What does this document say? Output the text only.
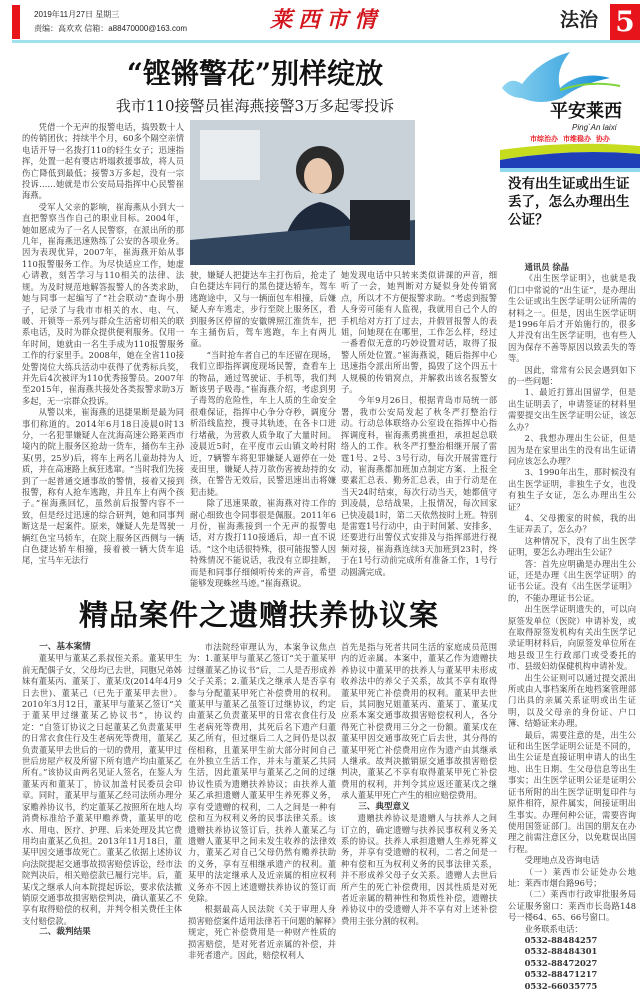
2019年11月27日 星期三
责编：高欢欢 信箱：a88470000@163.com	莱西市情	法治 5
“铿锵警花”别样绽放
我市110接警员崔海燕接警3万多起零投诉	平安莱西
Ping`An laixi
市综治办 市维稳办 协办

凭借一个无声的报警电话，捣毁数十人的传销团伙；持续半个月，60多个隔空亲情电话开导一名拨打110的轻生女子；迅速指挥，处置一起有婴店坍塌救援事故，将人员伤亡降低到最低；接警3万多起，没有一宗投诉……她就是市公安局局指挥中心民警崔海燕。

受军人父亲的影响，崔海燕从小到大一直把警察当作自己的职业目标。2004年，她如愿成为了一名人民警察，在派出所的那几年，崔海燕迅速熟练了公安的各项业务。因为表现优异，2007年，崔海燕开始从事110报警服务工作。为尽快适应工作，她虚心请教，刻苦学习与110相关的法律、法规。为及时规范地解答报警人的各类求助，她与同事一起编写了“社会联动”查询小册子，记录了与我市市相关的水、电、气、暖、开锁等一系列与群众生活密切相关的联系电话，及时为群众提供便利服务。仅用一年时间，她就由一名生手成为110报警服务工作的行家里手。2008年，她在全省110接处警岗位大练兵活动中获得了优秀标兵奖，并先后4次被评为110优秀接警员。2007年至2015年，崔海燕共接处各类报警求助3万多起，无一宗群众投诉。

从警以来，崔海燕的迅捷果断是最为同事们称道的。2014年6月18日凌晨0时13分，一名犯罪嫌疑人在沈海高速公路莱西市境内的院上服务区抢劫一货车，捅伤车主孙某(男，25岁)后，将车上两名儿童劫持为人质，并在高速路上疯狂逃窜。“当时我们先接到了一起普通交通事故的警情，接着又接到报警，称有人抢车逃跑，并且车上有两个孩子。”崔海燕回忆，虽然前后报警内容不一致，但是经过迅速的综合研判，她和同事判断这是一起案件。原来，嫌疑人先是驾驶一辆红色宝马轿车，在院上服务区西侧与一辆白色捷达轿车相撞，接着被一辆大货车追尾，宝马车无法行

驶，嫌疑人把捷达车主打伤后，抢走了白色捷达车同行的黑色捷达轿车，驾车逃跑途中，又与一辆面包车相撞，后嫌疑人弃车逃走，步行至院上服务区，看到服务区停留的安徽牌照江淮货车，把车主捅伤后，驾车逃跑，车上有两儿童。

“当时抢车者自己的车还留在现场，我们立即指挥调度现场民警，查看车上的物品，通过驾驶证、手机等，我们判断该男子吸毒。”崔海燕介绍，考虑到男子毒驾的危险性，车上人质的生命安全很难保证，指挥中心争分夺秒，调度分析沿线监控，搜寻其轨迹，在各卡口进行堵截，为营救人质争取了大量时间。凌晨近5时，在平度市云山镇文岭村附近，7辆警车将犯罪嫌疑人逼停在一处麦田里，嫌疑人持刀欲伤害被劫持的女孩，在警告无效后，民警迅速出击将嫌犯击毙。

除了迅速果敢，崔海燕对待工作的耐心细致也令同事很是佩服。2011年6月份，崔海燕接到一个无声的报警电话，对方拨打110接通后，却一直不说话。“这个电话很特殊，很可能报警人因特殊情况不能说话，我没有立即挂断，而是和同事仔细倾听传来的声音，希望能够发现蛛丝马迹。”崔海燕说。

她发现电话中只转来类似讲课的声音，细听了一会，她判断对方疑似身处传销窝点，所以才不方便报警求助。“考虑到报警人身旁可能有人监视，我就用自己个人的手机给对方打了过去，并假冒报警人的表姐，问她现在在哪里，工作怎么样，经过一番看似无意的巧妙设置对话，取得了报警人所处位置。”崔海燕说，随后指挥中心迅速指令派出所出警，捣毁了这个四五十人规模的传销窝点，并解救出该名报警女子。

今年9月26日，根据青岛市局统一部署，我市公安局发起了秋冬严打整治行动。行动总体联络办公室设在指挥中心指挥调度科，崔海燕勇挑重担，承担起总联络人的工作。秋冬严打整治相继开展了雷霆1号、2号、3号行动，每次开展雷霆行动，崔海燕都加班加点制定方案、上报全要素汇总表、勤务汇总表，由于行动是在当天24时结束，每次行动当天，她都值守到凌晨，总结战果，上报情况，每次回家已快凌晨1时，第二天依然按时上班。特别是雷霆1号行动中，由于时间紧、安排多，还要进行出警仪式安排及与指挥部进行视频对接，崔海燕连续3天加班到23时，终于在1号行动前完成所有准备工作，1号行动圆满完成。

没有出生证或出生证丢了，怎么办理出生公证？

通讯员 徐晶

《出生医学证明》，也就是我们口中常说的“出生证”，是办理出生公证或出生医学证明公证所需的材料之一。但是，因出生医学证明是1996年后才开始施行的，很多人并没有出生医学证明，也有些人因为保存不善等原因以致丢失的等等。

因此，常常有公民会遇到如下的一些问题：

1、最近打算出国留学，但是出生证明丢了，申请签证的材料里需要提交出生医学证明公证，该怎么办？

2、我想办理出生公证，但是因为是在家里出生的没有出生证请问应该怎么办理？

3、1990年出生，那时候没有出生医学证明，非独生子女，也没有独生子女证，怎么办理出生公证？

4、父母搬家的时候，我的出生证弄丢了，怎么办？

这种情况下，没有了出生医学证明，要怎么办理出生公证？

答：首先应明确是办理出生公证，还是办理《出生医学证明》的证书公证。没有《出生医学证明》的，不能办理证书公证。

出生医学证明遗失的，可以向原签发单位（医院）申请补发，或在取得原签发机构有关出生医学记录证明材料后，向原签发单位所在地县级卫生行政部门或受委托的市、县级妇幼保健机构申请补发。

出生公证则可以通过提交派出所或由人事档案所在地档案管理部门出具的亲属关系证明或出生证明，以及父母亲的身份证、户口簿、结婚证来办理。

最后，需要注意的是，出生公证和出生医学证明公证是不同的，出生公证是直接证明申请人的出生地、出生日期、生父母信息等出生事实；出生医学证明公证是证明公证书所附的出生医学证明复印件与原件相符，原件属实，间接证明出生事实。办理何种公证，需要咨询使用国签证部门。出国的朋友在办理之前需注意区分，以免耽误出国行程。

受理地点及咨询电话

（一）莱西市公证处办公地址：莱西市烟台路96号；

（二）莱西市行政审批服务局公证服务窗口：莱西市长岛路148号一楼64、65、66号窗口。

业务联系电话：

0532-88484257
0532-88484301
0532-88472027
0532-88471217
0532-66035775
精品案件之遗赠扶养协议案
一、基本案情

董某甲与董某乙系叔侄关系。董某甲生前无配偶子女，父母均已去世，同胞兄弟姊妹有董某丙、董某丁、董某戊(2014年4月9日去世)、董某己（已先于董某甲去世）。2010年3月12日，董某甲与董某乙签订“关于董某甲过继董某乙协议书”，协议约定：“自签订协议之日起董某乙负责董某甲的日常衣食住行及生老病死等费用，董某乙负责董某甲去世后的一切的费用，董某甲过世后房屋产权及所留下所有遗产均由董某乙所有。”该协议由两名见证人签名，在鉴人为董某丙和董某丁，协议加盖村民委员会印章。同时，董某甲与董某乙经司法所办理分家赡养协议书，约定董某乙按照所在地人均消费标准给予董某甲赡养费，董某甲的吃水、用电、医疗、护理、后来处理及其它费用均由董某乙负担。2013年11月18日，董某甲因交通事故死亡。董某乙依据上述协议向法院提起交通事故损害赔偿诉讼，经市法院判决后，相关赔偿款已履行完毕。后，董某戊之继承人向本院提起诉讼，要求依法撤销原交通事故损害赔偿判决，确认董某乙不享有取得赔偿的权利，并判令相关费任主体支付赔偿款。

二、裁判结果

市法院经审理认为，本案争议焦点为：1.董某甲与董某乙签订“关于董某甲过继董某乙协议书”后，二人是否形成养父子关系；2.董某戊之继承人是否享有参与分配董某甲死亡补偿费用的权利。董某甲与董某乙虽签订过继协议，约定由董某乙负责董某甲的日常衣食住行及生老病死等费用，其死后名下遗产归董某乙所有，但过继后二人之间仍是以叔侄相称，且董某甲生前大部分时间自己在外独立生活工作，并未与董某乙共同生活，因此董某甲与董某乙之间的过继协议性质为遗赠扶养协议；由扶养人董某乙承担遗赠人董某甲生养死葬义务，享有受遗赠的权利，二人之间是一种有偿和互为权利义务的民事法律关系。该遗赠扶养协议签订后，扶养人董某乙与遗赠人董某甲之间未发生收养的法律效力，董某乙对自己父母仍然有赡养扶助的义务，享有互相继承遗产的权利。董某甲的法定继承人及近亲属的相应权利义务亦不因上述遗赠扶养协议的签订而免除。

根据最高人民法院《关于审理人身损害赔偿案件适用法律若干问题的解释》规定，死亡补偿费用是一种财产性质的损害赔偿，是对死者近亲属的补偿，并非死者遗产。因此，赔偿权利人

首先是指与死者共同生活的家庭成员范围内的近亲属。本案中，董某乙作为遗赠扶养协议中董某甲的扶养人与董某甲未形成收养法中的养父子关系，故其不享有取得董某甲死亡补偿费用的权利。董某甲去世后，其同胞兄姐董某丙、董某丁、董某戊应系本案交通事故损害赔偿权利人，各分得死亡补偿费用三分之一份额。董某戊在董某甲因交通事故死亡后去世，其分得的董某甲死亡补偿费用应作为遗产由其继承人继承。故判决撤销原交通事故损害赔偿判决，董某乙不享有取得董某甲死亡补偿费用的权利，并判令其应返还董某戊之继承人董某甲死亡产生的相应赔偿费用。

三、典型意义

遗赠扶养协议是遗赠人与扶养人之间订立的，确定遗赠与扶养民事权利义务关系的协议。扶养人承担遗赠人生养死葬义务，并享有受遗赠的权利，二者之间是一种有偿和互为权利义务的民事法律关系，并不形成养父母子女关系。遗赠人去世后所产生的死亡补偿费用，因其性质是对死者近亲属的精神性和物质性补偿，遗赠扶养协议中的受遗赠人并不享有对上述补偿费用主张分割的权利。
